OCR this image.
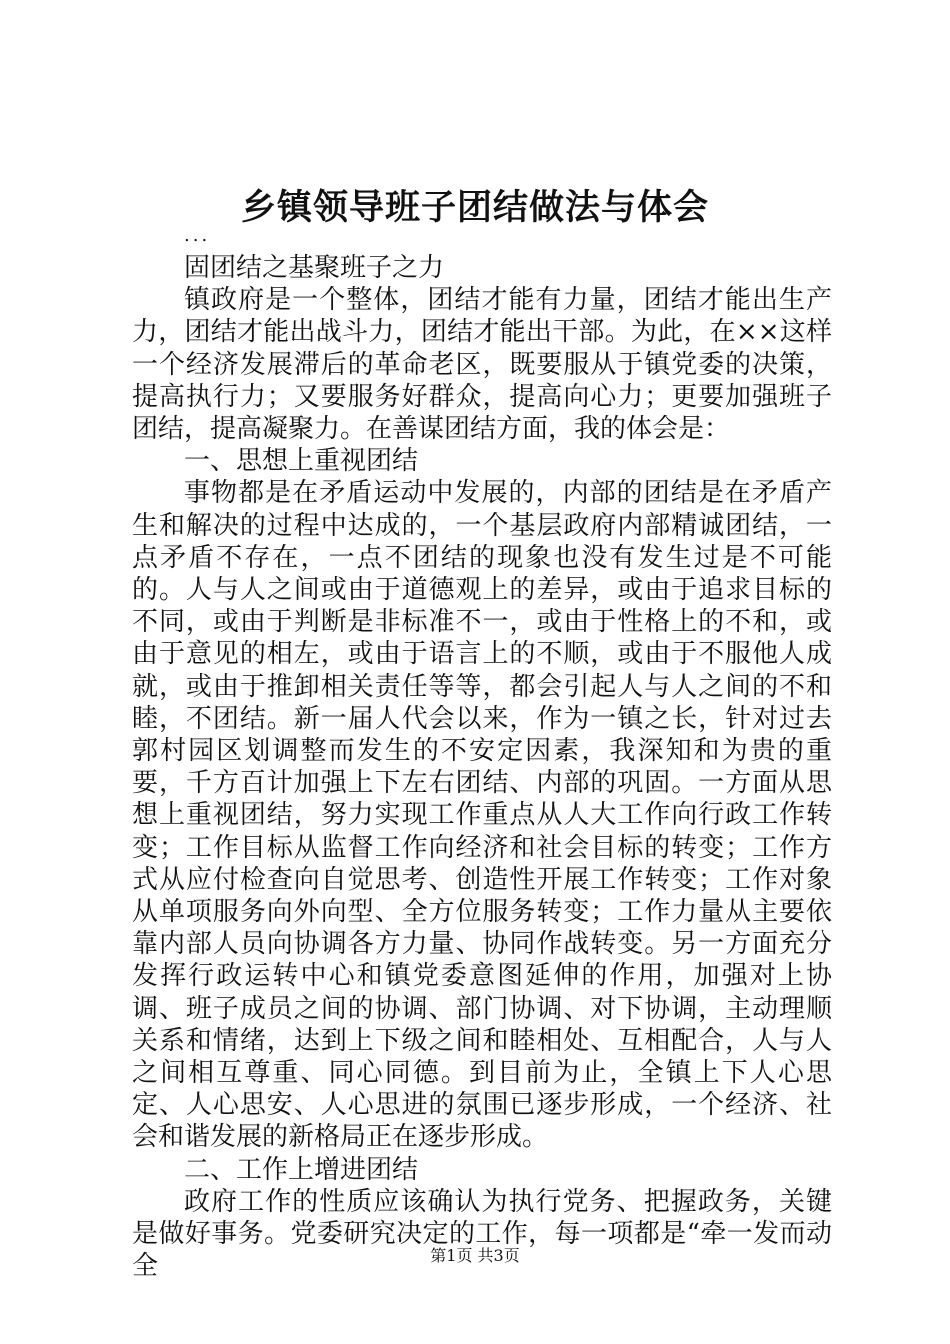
乡镇领导班子团结做法与体会

...

固团结之基聚班子之力

镇政府是一个整体，团结才能有力量，团结才能出生产力，团结才能出战斗力，团结才能出干部。为此，在××这样一个经济发展滞后的革命老区，既要服从于镇党委的决策，提高执行力；又要服务好群众，提高向心力；更要加强班子团结，提高凝聚力。在善谋团结方面，我的体会是：

一、思想上重视团结

事物都是在矛盾运动中发展的，内部的团结是在矛盾产生和解决的过程中达成的，一个基层政府内部精诚团结，一点矛盾不存在，一点不团结的现象也没有发生过是不可能的。人与人之间或由于道德观上的差异，或由于追求目标的不同，或由于判断是非标准不一，或由于性格上的不和，或由于意见的相左，或由于语言上的不顺，或由于不服他人成就，或由于推卸相关责任等等，都会引起人与人之间的不和睦，不团结。新一届人代会以来，作为一镇之长，针对过去郭村园区划调整而发生的不安定因素，我深知和为贵的重要，千方百计加强上下左右团结、内部的巩固。一方面从思想上重视团结，努力实现工作重点从人大工作向行政工作转变；工作目标从监督工作向经济和社会目标的转变；工作方式从应付检查向自觉思考、创造性开展工作转变；工作对象从单项服务向外向型、全方位服务转变；工作力量从主要依靠内部人员向协调各方力量、协同作战转变。另一方面充分发挥行政运转中心和镇党委意图延伸的作用，加强对上协调、班子成员之间的协调、部门协调、对下协调，主动理顺关系和情绪，达到上下级之间和睦相处、互相配合，人与人之间相互尊重、同心同德。到目前为止，全镇上下人心思定、人心思安、人心思进的氛围已逐步形成，一个经济、社会和谐发展的新格局正在逐步形成。

二、工作上增进团结

政府工作的性质应该确认为执行党务、把握政务，关键是做好事务。党委研究决定的工作，每一项都是“牵一发而动全	第1页 共3页
